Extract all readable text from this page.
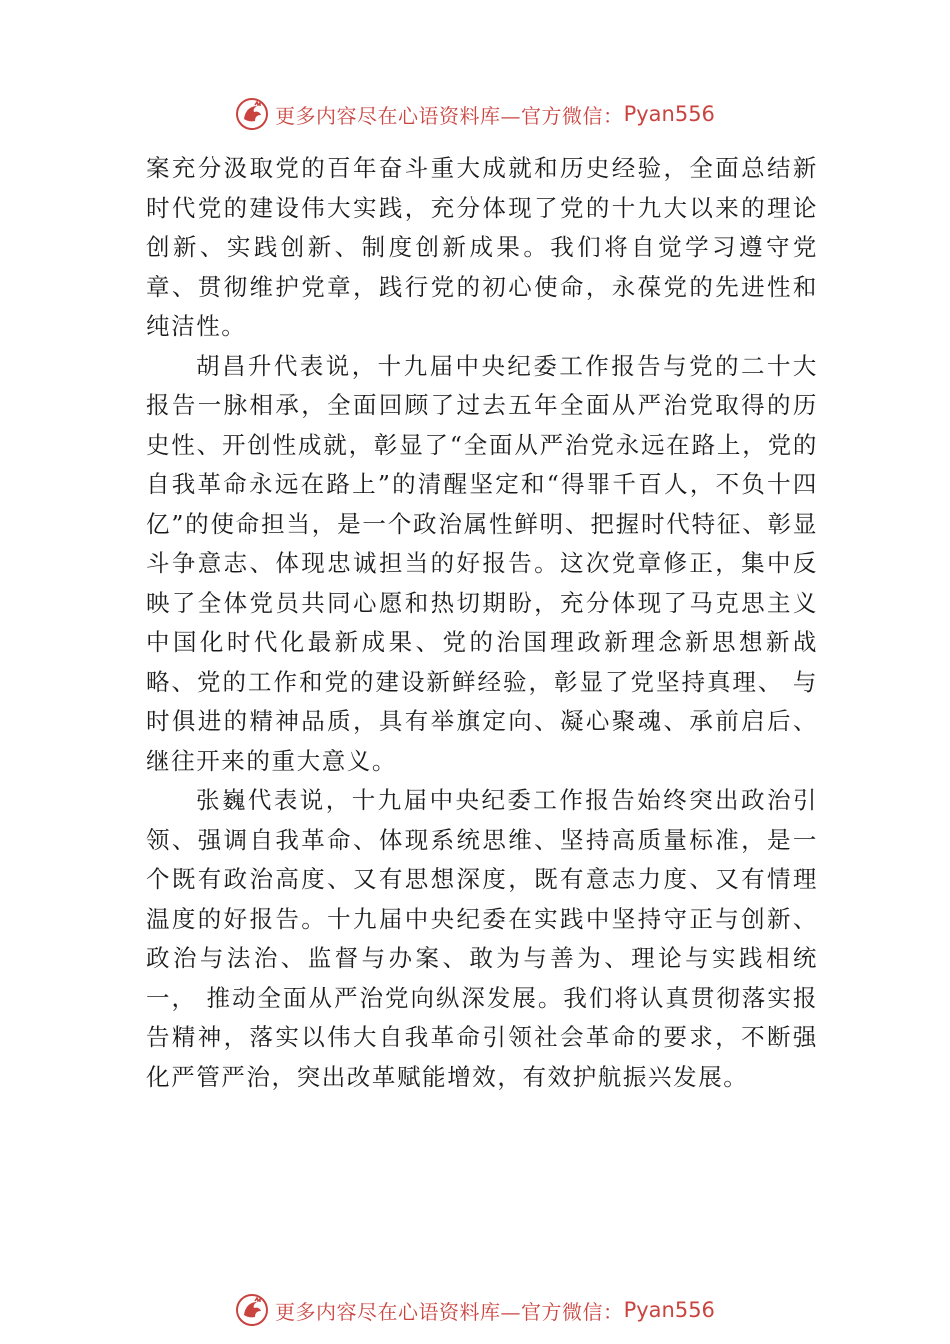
更多内容尽在心语资料库—官方微信： Pyan556

案充分汲取党的百年奋斗重大成就和历史经验，全面总结新时代党的建设伟大实践，充分体现了党的十九大以来的理论创新、实践创新、制度创新成果。我们将自觉学习遵守党章、贯彻维护党章，践行党的初心使命，永葆党的先进性和纯洁性。

胡昌升代表说，十九届中央纪委工作报告与党的二十大报告一脉相承，全面回顾了过去五年全面从严治党取得的历史性、开创性成就，彰显了“全面从严治党永远在路上，党的自我革命永远在路上”的清醒坚定和“得罪千百人，不负十四亿”的使命担当，是一个政治属性鲜明、把握时代特征、彰显斗争意志、体现忠诚担当的好报告。这次党章修正，集中反映了全体党员共同心愿和热切期盼，充分体现了马克思主义中国化时代化最新成果、党的治国理政新理念新思想新战略、党的工作和党的建设新鲜经验，彰显了党坚持真理、 与时俱进的精神品质，具有举旗定向、凝心聚魂、承前启后、继往开来的重大意义。

张巍代表说，十九届中央纪委工作报告始终突出政治引领、强调自我革命、体现系统思维、坚持高质量标准，是一个既有政治高度、又有思想深度，既有意志力度、又有情理温度的好报告。十九届中央纪委在实践中坚持守正与创新、 政治与法治、监督与办案、敢为与善为、理论与实践相统一， 推动全面从严治党向纵深发展。我们将认真贯彻落实报告精神，落实以伟大自我革命引领社会革命的要求，不断强化严管严治，突出改革赋能增效，有效护航振兴发展。

更多内容尽在心语资料库—官方微信： Pyan556
